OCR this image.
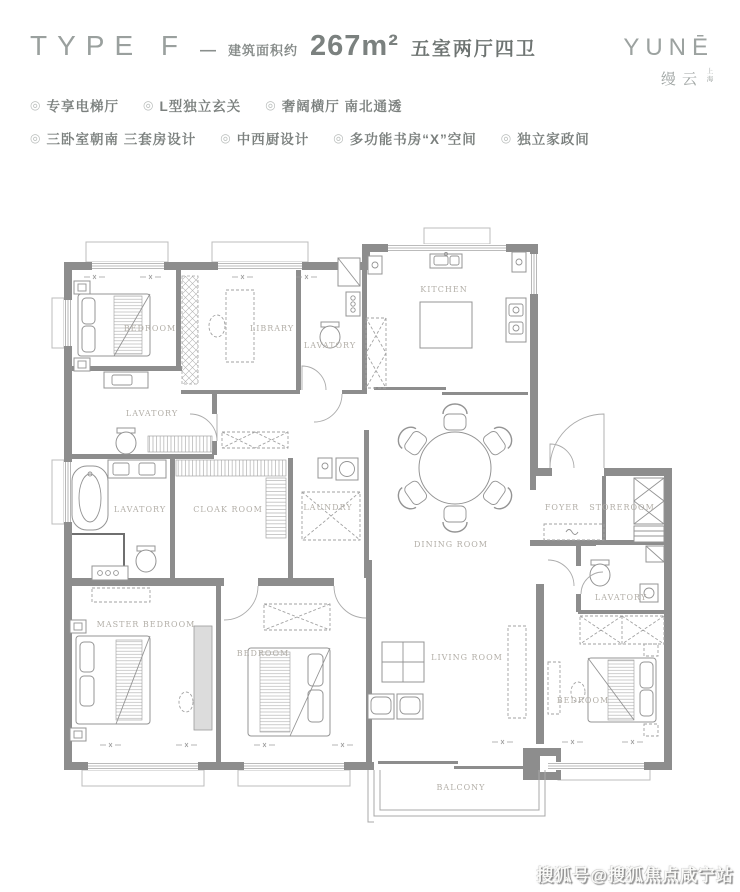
TYPE F — 建筑面积约 267m² 五室两厅四卫
◎ 专享电梯厅 ◎ L型独立玄关 ◎ 奢阔横厅 南北通透
◎ 三卧室朝南 三套房设计 ◎ 中西厨设计 ◎ 多功能书房“X”空间 ◎ 独立家政间
YUNĒ
缦云 上海
BEDROOM	LIBRARY
LAVATORY
KITCHEN
LAVATORY
LAVATORY	CLOAK ROOM	LAUNDRY
DINING ROOM
FOYER STOREROOM
LAVATORY
MASTER BEDROOM
BEDROOM	LIVING ROOM
BEDROOM
BALCONY
搜狐号@搜狐焦点咸宁站
